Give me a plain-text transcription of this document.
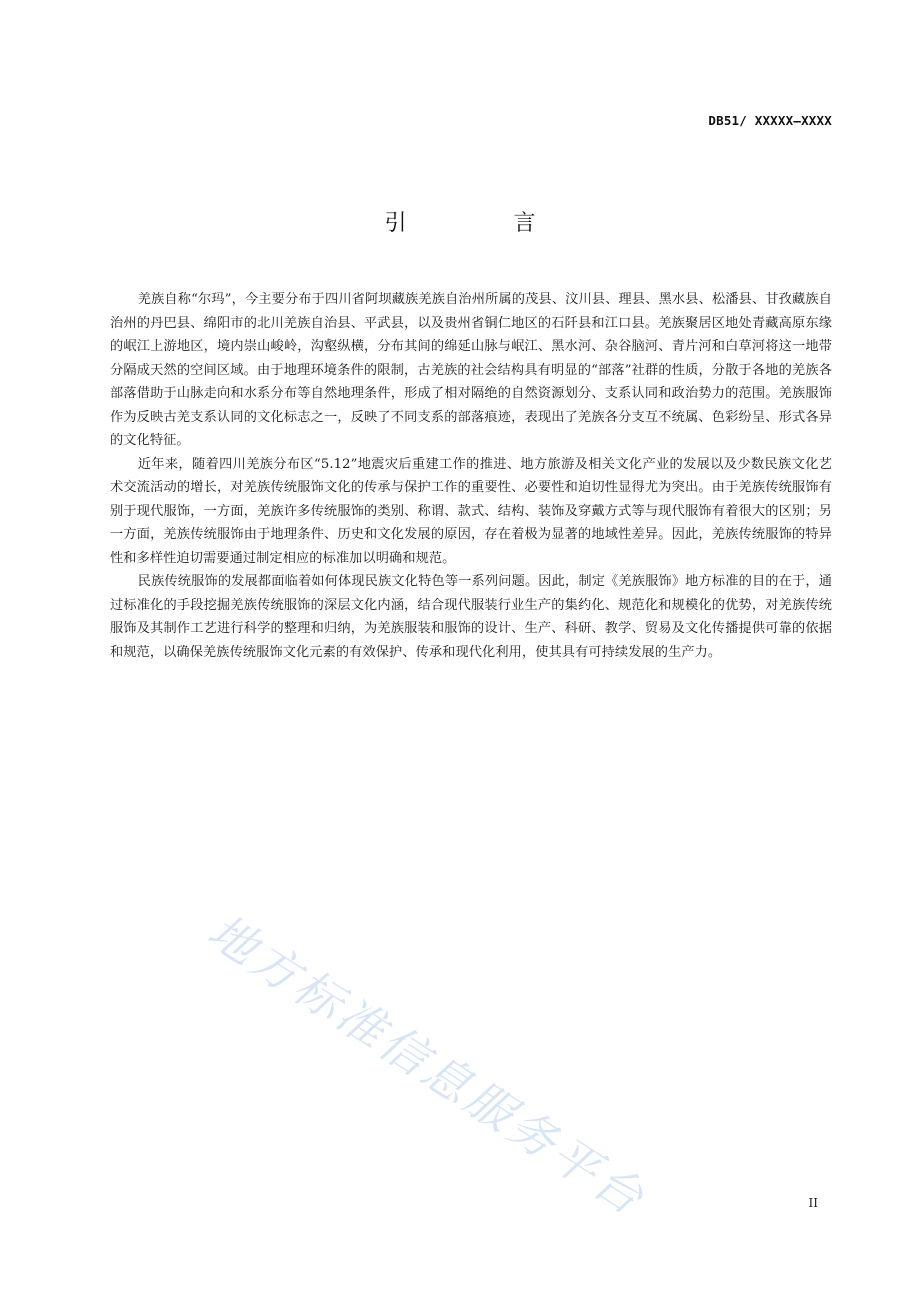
DB51/ XXXXX—XXXX
引 言

羌族自称“尔玛”，今主要分布于四川省阿坝藏族羌族自治州所属的茂县、汶川县、理县、黑水县、松潘县、甘孜藏族自治州的丹巴县、绵阳市的北川羌族自治县、平武县，以及贵州省铜仁地区的石阡县和江口县。羌族聚居区地处青藏高原东缘的岷江上游地区，境内崇山峻岭，沟壑纵横，分布其间的绵延山脉与岷江、黑水河、杂谷脑河、青片河和白草河将这一地带分隔成天然的空间区域。由于地理环境条件的限制，古羌族的社会结构具有明显的“部落”社群的性质，分散于各地的羌族各部落借助于山脉走向和水系分布等自然地理条件，形成了相对隔绝的自然资源划分、支系认同和政治势力的范围。羌族服饰作为反映古羌支系认同的文化标志之一，反映了不同支系的部落痕迹，表现出了羌族各分支互不统属、色彩纷呈、形式各异的文化特征。

近年来，随着四川羌族分布区“5.12”地震灾后重建工作的推进、地方旅游及相关文化产业的发展以及少数民族文化艺术交流活动的增长，对羌族传统服饰文化的传承与保护工作的重要性、必要性和迫切性显得尤为突出。由于羌族传统服饰有别于现代服饰，一方面，羌族许多传统服饰的类别、称谓、款式、结构、装饰及穿戴方式等与现代服饰有着很大的区别；另一方面，羌族传统服饰由于地理条件、历史和文化发展的原因，存在着极为显著的地域性差异。因此，羌族传统服饰的特异性和多样性迫切需要通过制定相应的标准加以明确和规范。

民族传统服饰的发展都面临着如何体现民族文化特色等一系列问题。因此，制定《羌族服饰》地方标准的目的在于，通过标准化的手段挖掘羌族传统服饰的深层文化内涵，结合现代服装行业生产的集约化、规范化和规模化的优势，对羌族传统服饰及其制作工艺进行科学的整理和归纳，为羌族服装和服饰的设计、生产、科研、教学、贸易及文化传播提供可靠的依据和规范，以确保羌族传统服饰文化元素的有效保护、传承和现代化利用，使其具有可持续发展的生产力。

地方标准信息服务平台	II
